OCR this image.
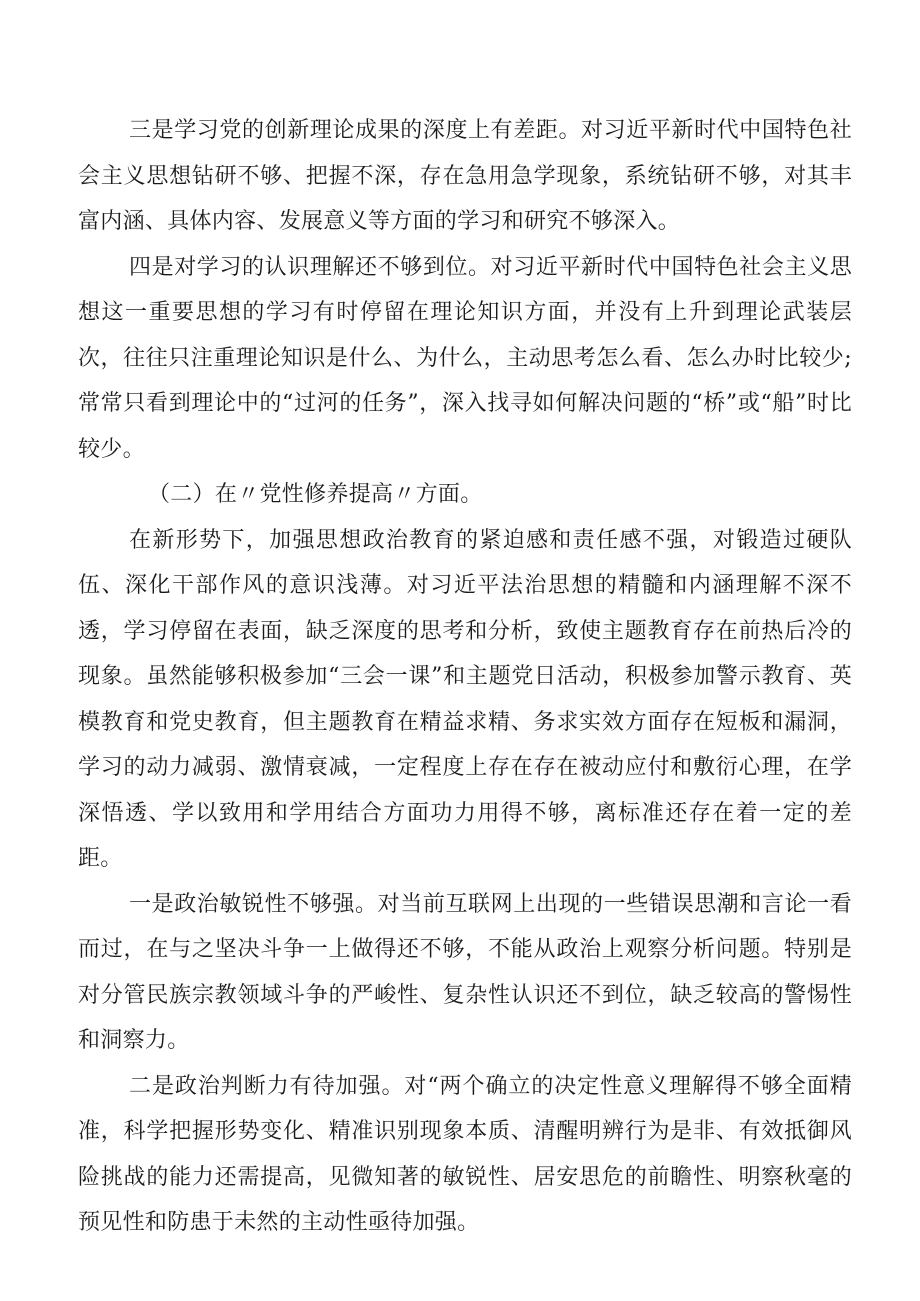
三是学习党的创新理论成果的深度上有差距。对习近平新时代中国特色社会主义思想钻研不够、把握不深，存在急用急学现象，系统钻研不够，对其丰富内涵、具体内容、发展意义等方面的学习和研究不够深入。

四是对学习的认识理解还不够到位。对习近平新时代中国特色社会主义思想这一重要思想的学习有时停留在理论知识方面，并没有上升到理论武装层次，往往只注重理论知识是什么、为什么，主动思考怎么看、怎么办时比较少;常常只看到理论中的“过河的任务”，深入找寻如何解决问题的“桥”或“船”时比较少。

（二）在〃党性修养提高〃方面。

在新形势下，加强思想政治教育的紧迫感和责任感不强，对锻造过硬队伍、深化干部作风的意识浅薄。对习近平法治思想的精髓和内涵理解不深不透，学习停留在表面，缺乏深度的思考和分析，致使主题教育存在前热后冷的现象。虽然能够积极参加“三会一课”和主题党日活动，积极参加警示教育、英模教育和党史教育，但主题教育在精益求精、务求实效方面存在短板和漏洞，学习的动力减弱、激情衰减，一定程度上存在存在被动应付和敷衍心理，在学深悟透、学以致用和学用结合方面功力用得不够，离标准还存在着一定的差距。

一是政治敏锐性不够强。对当前互联网上出现的一些错误思潮和言论一看而过，在与之坚决斗争一上做得还不够，不能从政治上观察分析问题。特别是对分管民族宗教领域斗争的严峻性、复杂性认识还不到位，缺乏较高的警惕性和洞察力。

二是政治判断力有待加强。对“两个确立的决定性意义理解得不够全面精准，科学把握形势变化、精准识别现象本质、清醒明辨行为是非、有效抵御风险挑战的能力还需提高，见微知著的敏锐性、居安思危的前瞻性、明察秋毫的预见性和防患于未然的主动性亟待加强。
